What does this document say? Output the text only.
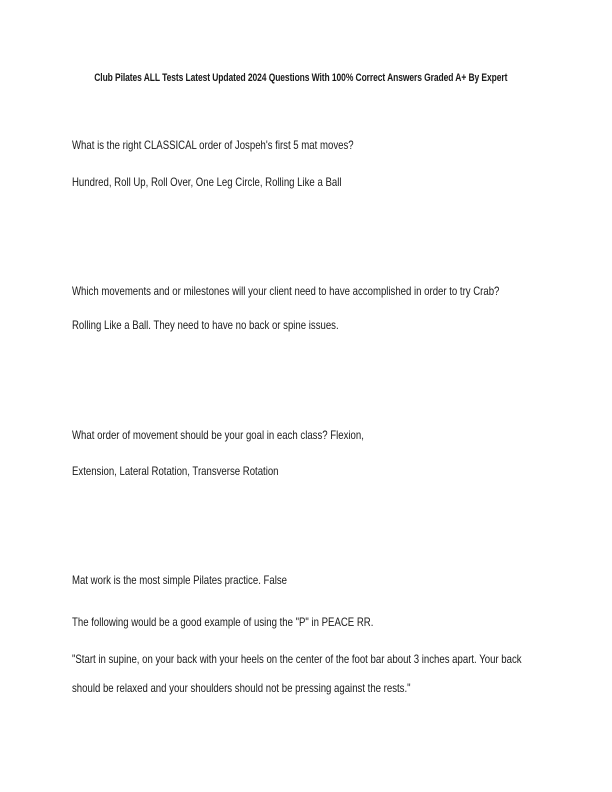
Club Pilates ALL Tests Latest Updated 2024 Questions With 100% Correct Answers Graded A+ By Expert
What is the right CLASSICAL order of Jospeh's first 5 mat moves?
Hundred, Roll Up, Roll Over, One Leg Circle, Rolling Like a Ball
Which movements and or milestones will your client need to have accomplished in order to try Crab?
Rolling Like a Ball. They need to have no back or spine issues.
What order of movement should be your goal in each class? Flexion,
Extension, Lateral Rotation, Transverse Rotation
Mat work is the most simple Pilates practice. False
The following would be a good example of using the "P" in PEACE RR.
"Start in supine, on your back with your heels on the center of the foot bar about 3 inches apart. Your back
should be relaxed and your shoulders should not be pressing against the rests."
